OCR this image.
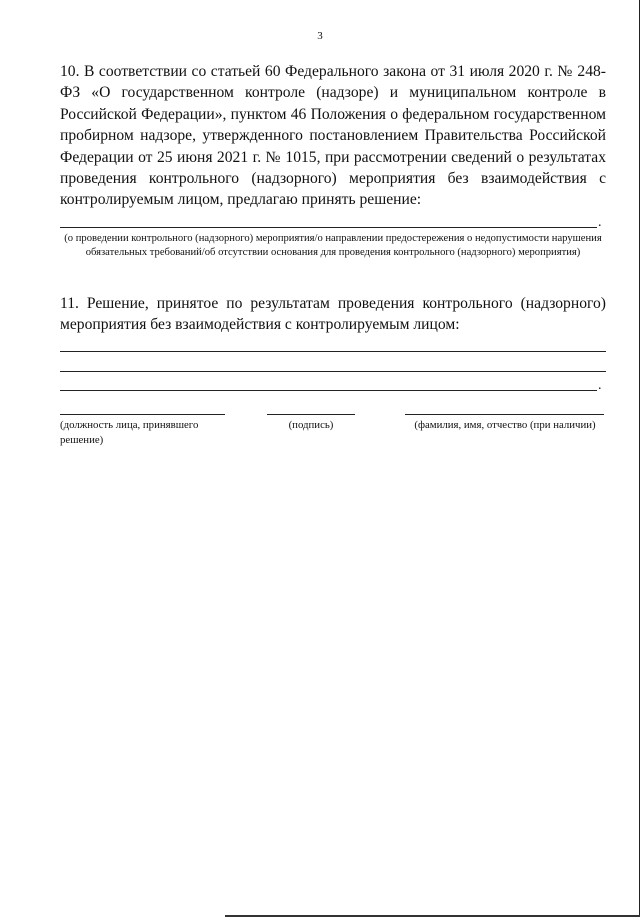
3
10. В соответствии со статьей 60 Федерального закона от 31 июля 2020 г. № 248-ФЗ «О государственном контроле (надзоре) и муниципальном контроле в Российской Федерации», пунктом 46 Положения о федеральном государственном пробирном надзоре, утвержденного постановлением Правительства Российской Федерации от 25 июня 2021 г. № 1015, при рассмотрении сведений о результатах проведения контрольного (надзорного) мероприятия без взаимодействия с контролируемым лицом, предлагаю принять решение:
.
(о проведении контрольного (надзорного) мероприятия/о направлении предостережения о недопустимости нарушения обязательных требований/об отсутствии основания для проведения контрольного (надзорного) мероприятия)
11. Решение, принятое по результатам проведения контрольного (надзорного) мероприятия без взаимодействия с контролируемым лицом:
.
(должность лица, принявшего решение)
(подпись)	(фамилия, имя, отчество (при наличии)
